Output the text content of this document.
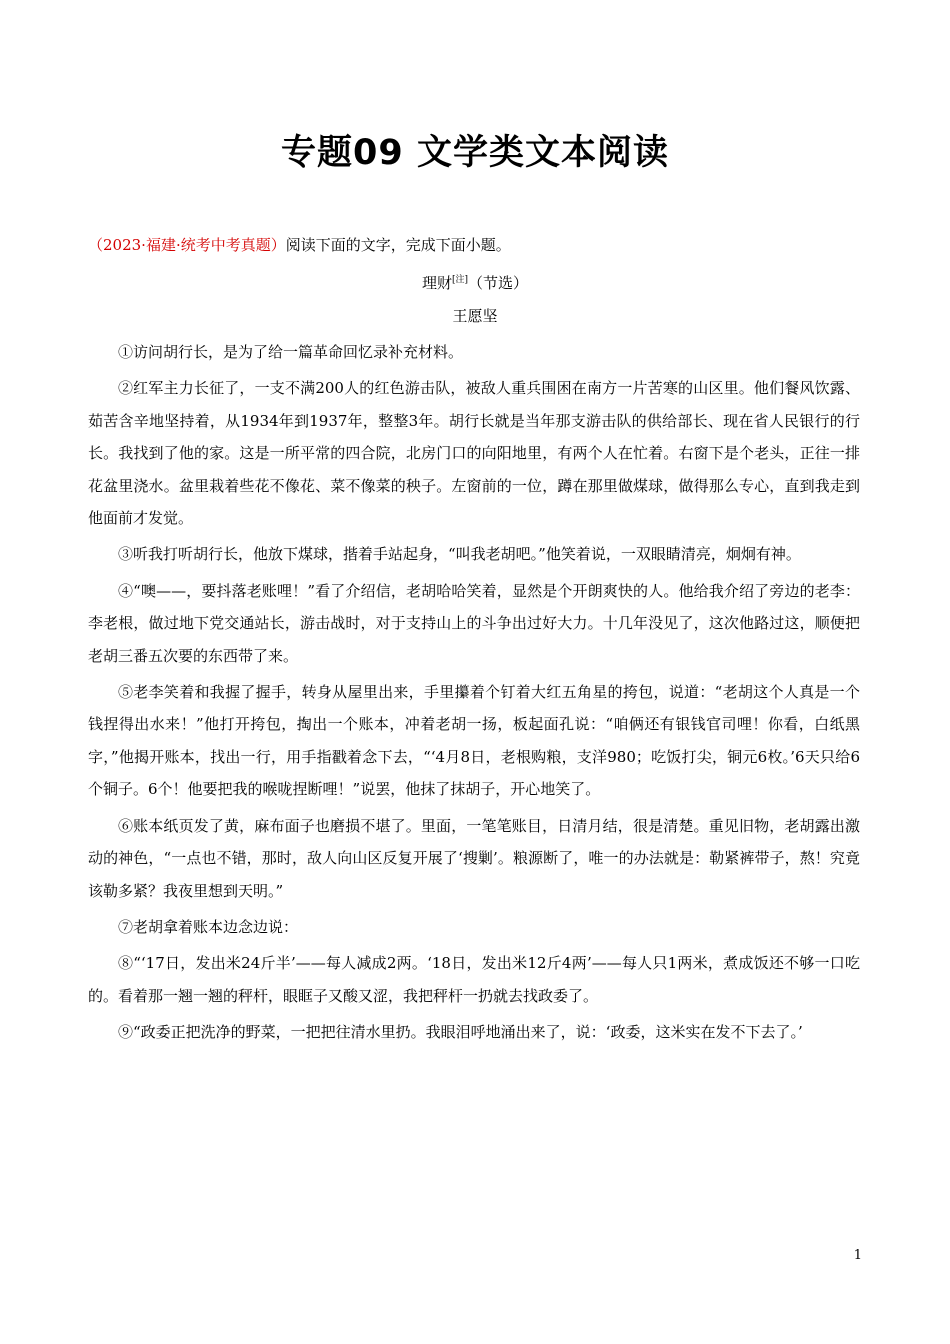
专题09 文学类文本阅读
（2023·福建·统考中考真题）阅读下面的文字，完成下面小题。
理财[注]（节选）
王愿坚

①访问胡行长，是为了给一篇革命回忆录补充材料。

②红军主力长征了，一支不满200人的红色游击队，被敌人重兵围困在南方一片苦寒的山区里。他们餐风饮露、茹苦含辛地坚持着，从1934年到1937年，整整3年。胡行长就是当年那支游击队的供给部长、现在省人民银行的行长。我找到了他的家。这是一所平常的四合院，北房门口的向阳地里，有两个人在忙着。右窗下是个老头，正往一排花盆里浇水。盆里栽着些花不像花、菜不像菜的秧子。左窗前的一位，蹲在那里做煤球，做得那么专心，直到我走到他面前才发觉。

③听我打听胡行长，他放下煤球，揩着手站起身，“叫我老胡吧。”他笑着说，一双眼睛清亮，炯炯有神。

④“噢——，要抖落老账哩！”看了介绍信，老胡哈哈笑着，显然是个开朗爽快的人。他给我介绍了旁边的老李：李老根，做过地下党交通站长，游击战时，对于支持山上的斗争出过好大力。十几年没见了，这次他路过这，顺便把老胡三番五次要的东西带了来。

⑤老李笑着和我握了握手，转身从屋里出来，手里攥着个钉着大红五角星的挎包，说道：“老胡这个人真是一个钱捏得出水来！”他打开挎包，掏出一个账本，冲着老胡一扬，板起面孔说：“咱俩还有银钱官司哩！你看，白纸黑字，”他揭开账本，找出一行，用手指戳着念下去，“‘4月8日，老根购粮，支洋980；吃饭打尖，铜元6枚。’6天只给6个铜子。6个！他要把我的喉咙捏断哩！”说罢，他抹了抹胡子，开心地笑了。

⑥账本纸页发了黄，麻布面子也磨损不堪了。里面，一笔笔账目，日清月结，很是清楚。重见旧物，老胡露出激动的神色，“一点也不错，那时，敌人向山区反复开展了‘搜剿’。粮源断了，唯一的办法就是：勒紧裤带子，熬！究竟该勒多紧？我夜里想到天明。”

⑦老胡拿着账本边念边说：

⑧“‘17日，发出米24斤半’——每人减成2两。‘18日，发出米12斤4两’——每人只1两米，煮成饭还不够一口吃的。看着那一翘一翘的秤杆，眼眶子又酸又涩，我把秤杆一扔就去找政委了。

⑨“政委正把洗净的野菜，一把把往清水里扔。我眼泪呼地涌出来了，说：‘政委，这米实在发不下去了。’

1
